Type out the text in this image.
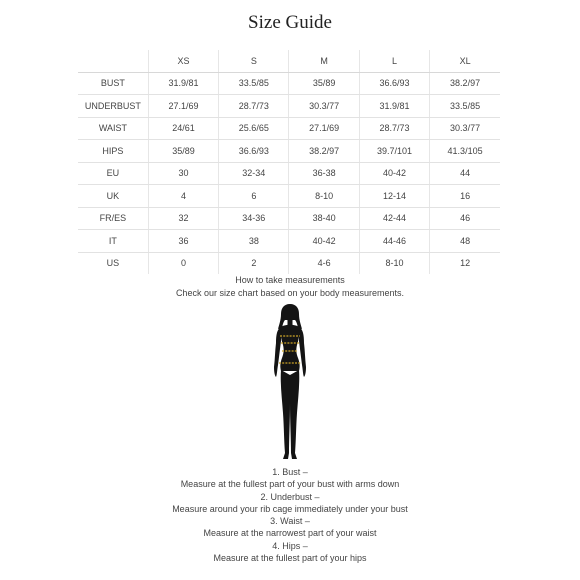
Size Guide
	XS	S	M	L	XL
BUST	31.9/81	33.5/85	35/89	36.6/93	38.2/97
UNDERBUST	27.1/69	28.7/73	30.3/77	31.9/81	33.5/85
WAIST	24/61	25.6/65	27.1/69	28.7/73	30.3/77
HIPS	35/89	36.6/93	38.2/97	39.7/101	41.3/105
EU	30	32-34	36-38	40-42	44
UK	4	6	8-10	12-14	16
FR/ES	32	34-36	38-40	42-44	46
IT	36	38	40-42	44-46	48
US	0	2	4-6	8-10	12
How to take measurements
Check our size chart based on your body measurements.
1. Bust –
Measure at the fullest part of your bust with arms down
2. Underbust –
Measure around your rib cage immediately under your bust
3. Waist –
Measure at the narrowest part of your waist
4. Hips –
Measure at the fullest part of your hips
